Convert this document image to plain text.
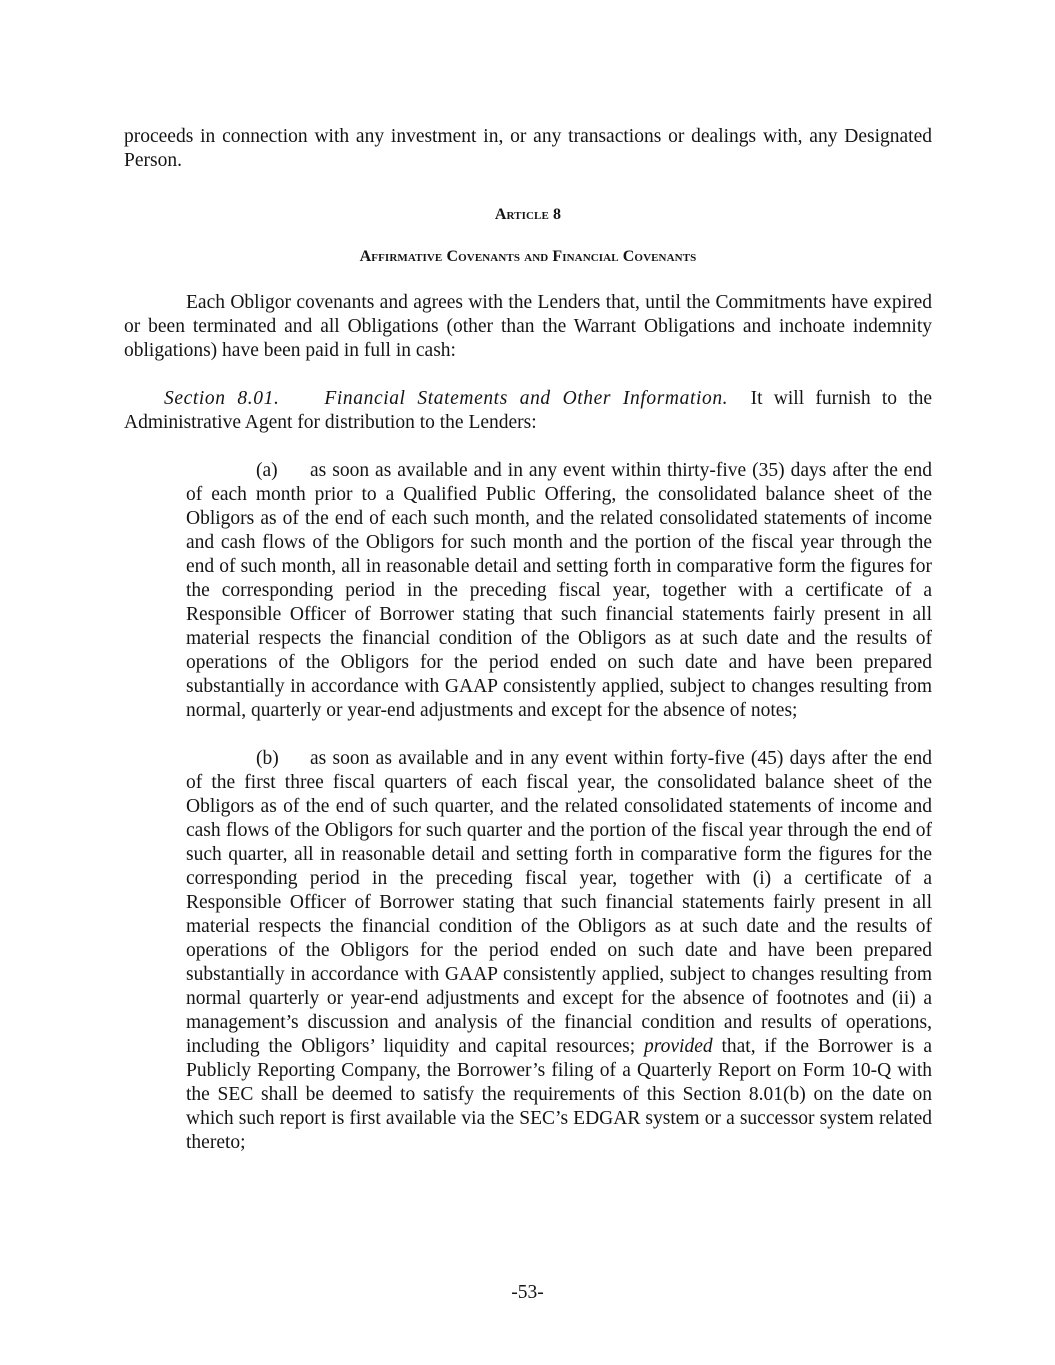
proceeds in connection with any investment in, or any transactions or dealings with, any Designated Person.

Article 8
Affirmative Covenants and Financial Covenants

Each Obligor covenants and agrees with the Lenders that, until the Commitments have expired or been terminated and all Obligations (other than the Warrant Obligations and inchoate indemnity obligations) have been paid in full in cash:

Section 8.01. Financial Statements and Other Information. It will furnish to the Administrative Agent for distribution to the Lenders:

(a) as soon as available and in any event within thirty-five (35) days after the end of each month prior to a Qualified Public Offering, the consolidated balance sheet of the Obligors as of the end of each such month, and the related consolidated statements of income and cash flows of the Obligors for such month and the portion of the fiscal year through the end of such month, all in reasonable detail and setting forth in comparative form the figures for the corresponding period in the preceding fiscal year, together with a certificate of a Responsible Officer of Borrower stating that such financial statements fairly present in all material respects the financial condition of the Obligors as at such date and the results of operations of the Obligors for the period ended on such date and have been prepared substantially in accordance with GAAP consistently applied, subject to changes resulting from normal, quarterly or year-end adjustments and except for the absence of notes;

(b) as soon as available and in any event within forty-five (45) days after the end of the first three fiscal quarters of each fiscal year, the consolidated balance sheet of the Obligors as of the end of such quarter, and the related consolidated statements of income and cash flows of the Obligors for such quarter and the portion of the fiscal year through the end of such quarter, all in reasonable detail and setting forth in comparative form the figures for the corresponding period in the preceding fiscal year, together with (i) a certificate of a Responsible Officer of Borrower stating that such financial statements fairly present in all material respects the financial condition of the Obligors as at such date and the results of operations of the Obligors for the period ended on such date and have been prepared substantially in accordance with GAAP consistently applied, subject to changes resulting from normal quarterly or year-end adjustments and except for the absence of footnotes and (ii) a management’s discussion and analysis of the financial condition and results of operations, including the Obligors’ liquidity and capital resources; provided that, if the Borrower is a Publicly Reporting Company, the Borrower’s filing of a Quarterly Report on Form 10-Q with the SEC shall be deemed to satisfy the requirements of this Section 8.01(b) on the date on which such report is first available via the SEC’s EDGAR system or a successor system related thereto;

-53-
